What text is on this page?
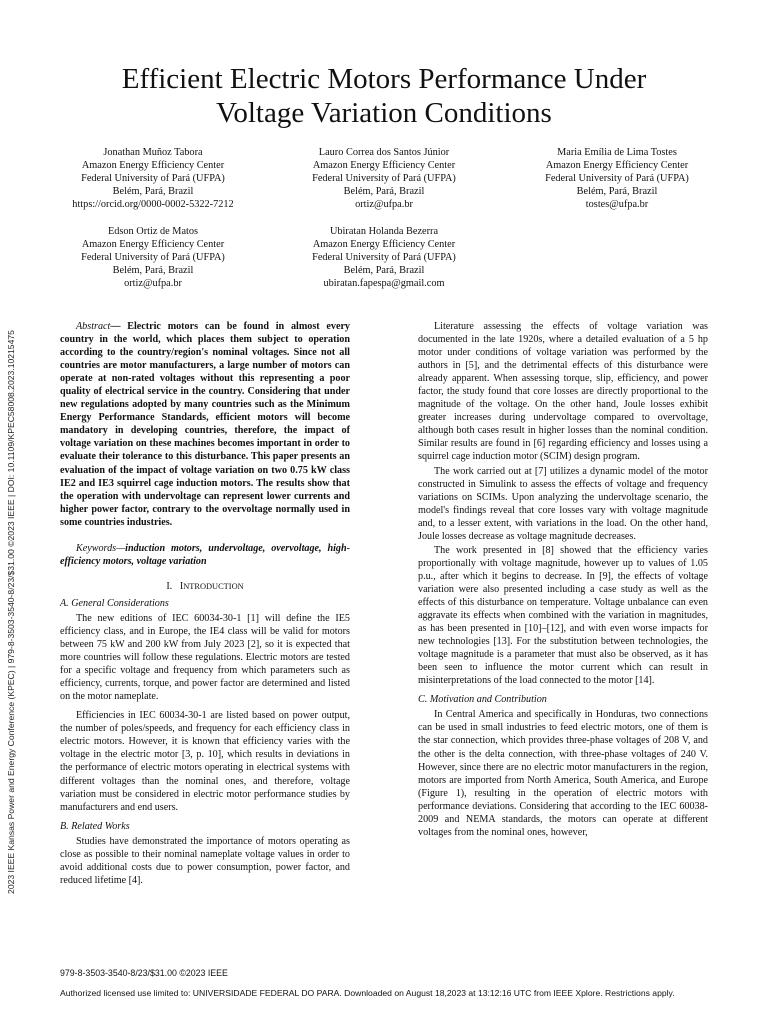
2023 IEEE Kansas Power and Energy Conference (KPEC) | 979-8-3503-3540-8/23/$31.00 ©2023 IEEE | DOI: 10.1109/KPEC58008.2023.10215475
Efficient Electric Motors Performance Under
Voltage Variation Conditions
Jonathan Muñoz Tabora
Amazon Energy Efficiency Center
Federal University of Pará (UFPA)
Belém, Pará, Brazil
https://orcid.org/0000-0002-5322-7212
Lauro Correa dos Santos Júnior
Amazon Energy Efficiency Center
Federal University of Pará (UFPA)
Belém, Pará, Brazil
ortiz@ufpa.br
Maria Emília de Lima Tostes
Amazon Energy Efficiency Center
Federal University of Pará (UFPA)
Belém, Pará, Brazil
tostes@ufpa.br
Edson Ortiz de Matos
Amazon Energy Efficiency Center
Federal University of Pará (UFPA)
Belém, Pará, Brazil
ortiz@ufpa.br
Ubiratan Holanda Bezerra
Amazon Energy Efficiency Center
Federal University of Pará (UFPA)
Belém, Pará, Brazil
ubiratan.fapespa@gmail.com

Abstract— Electric motors can be found in almost every country in the world, which places them subject to operation according to the country/region's nominal voltages. Since not all countries are motor manufacturers, a large number of motors can operate at non-rated voltages without this representing a poor quality of electrical service in the country. Considering that under new regulations adopted by many countries such as the Minimum Energy Performance Standards, efficient motors will become mandatory in developing countries, therefore, the impact of voltage variation on these machines becomes important in order to evaluate their tolerance to this disturbance. This paper presents an evaluation of the impact of voltage variation on two 0.75 kW class IE2 and IE3 squirrel cage induction motors. The results show that the operation with undervoltage can represent lower currents and higher power factor, contrary to the overvoltage normally used in some countries industries.

Keywords—induction motors, undervoltage, overvoltage, high-efficiency motors, voltage variation

I. INTRODUCTION
A. General Considerations

The new editions of IEC 60034-30-1 [1] will define the IE5 efficiency class, and in Europe, the IE4 class will be valid for motors between 75 kW and 200 kW from July 2023 [2], so it is expected that more countries will follow these regulations. Electric motors are tested for a specific voltage and frequency from which parameters such as efficiency, currents, torque, and power factor are determined and listed on the motor nameplate.

Efficiencies in IEC 60034-30-1 are listed based on power output, the number of poles/speeds, and frequency for each efficiency class in electric motors. However, it is known that efficiency varies with the voltage in the electric motor [3, p. 10], which results in deviations in the performance of electric motors operating in electrical systems with different voltages than the nominal ones, and therefore, voltage variation must be considered in electric motor performance studies by manufacturers and end users.

B. Related Works

Studies have demonstrated the importance of motors operating as close as possible to their nominal nameplate voltage values in order to avoid additional costs due to power consumption, power factor, and reduced lifetime [4].

Literature assessing the effects of voltage variation was documented in the late 1920s, where a detailed evaluation of a 5 hp motor under conditions of voltage variation was performed by the authors in [5], and the detrimental effects of this disturbance were already apparent. When assessing torque, slip, efficiency, and power factor, the study found that core losses are directly proportional to the magnitude of the voltage. On the other hand, Joule losses exhibit greater increases during undervoltage compared to overvoltage, although both cases result in higher losses than the nominal condition. Similar results are found in [6] regarding efficiency and losses using a squirrel cage induction motor (SCIM) design program.

The work carried out at [7] utilizes a dynamic model of the motor constructed in Simulink to assess the effects of voltage and frequency variations on SCIMs. Upon analyzing the undervoltage scenario, the model's findings reveal that core losses vary with voltage magnitude and, to a lesser extent, with variations in the load. On the other hand, Joule losses decrease as voltage magnitude decreases.

The work presented in [8] showed that the efficiency varies proportionally with voltage magnitude, however up to values of 1.05 p.u., after which it begins to decrease. In [9], the effects of voltage variation were also presented including a case study as well as the effects of this disturbance on temperature. Voltage unbalance can even aggravate its effects when combined with the variation in magnitudes, as has been presented in [10]–[12], and with even worse impacts for new technologies [13]. For the substitution between technologies, the voltage magnitude is a parameter that must also be observed, as it has been seen to influence the motor current which can result in misinterpretations of the load connected to the motor [14].

C. Motivation and Contribution

In Central America and specifically in Honduras, two connections can be used in small industries to feed electric motors, one of them is the star connection, which provides three-phase voltages of 208 V, and the other is the delta connection, with three-phase voltages of 240 V. However, since there are no electric motor manufacturers in the region, motors are imported from North America, South America, and Europe (Figure 1), resulting in the operation of electric motors with performance deviations. Considering that according to the IEC 60038-2009 and NEMA standards, the motors can operate at different voltages from the nominal ones, however,

979-8-3503-3540-8/23/$31.00 ©2023 IEEE
Authorized licensed use limited to: UNIVERSIDADE FEDERAL DO PARA. Downloaded on August 18,2023 at 13:12:16 UTC from IEEE Xplore. Restrictions apply.
